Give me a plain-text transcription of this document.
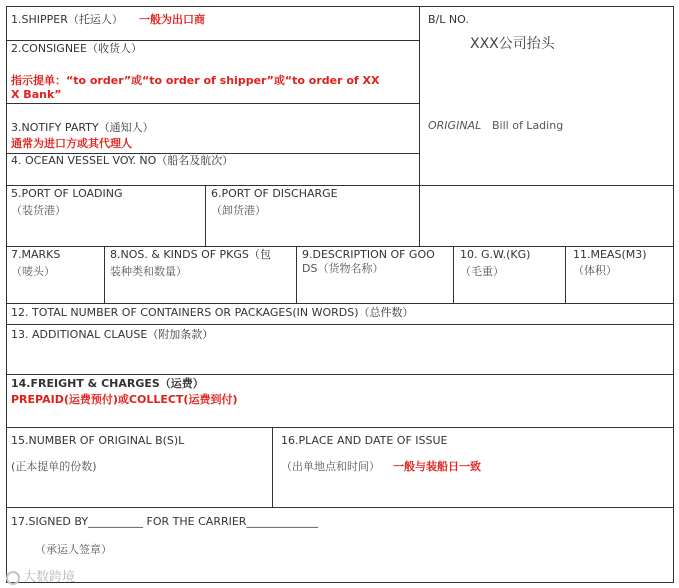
1.SHIPPER（托运人） 一般为出口商	B/L NO.
XXX公司抬头
ORIGINAL Bill of Lading
2.CONSIGNEE（收货人）
指示提单：“to order”或“to order of shipper”或“to order of XX
X Bank”
3.NOTIFY PARTY（通知人）
通常为进口方或其代理人
4. OCEAN VESSEL VOY. NO（船名及航次）
5.PORT OF LOADING
（装货港）
6.PORT OF DISCHARGE
（卸货港）
7.MARKS
（唛头）
8.NOS. & KINDS OF PKGS（包
装种类和数量）
9.DESCRIPTION OF GOO
DS（货物名称）
10. G.W.(KG)
（毛重）
11.MEAS(M3)
（体积）
12. TOTAL NUMBER OF CONTAINERS OR PACKAGES(IN WORDS)（总件数）
13. ADDITIONAL CLAUSE（附加条款）
14.FREIGHT & CHARGES（运费）
PREPAID(运费预付)或COLLECT(运费到付)
15.NUMBER OF ORIGINAL B(S)L
(正本提单的份数)
16.PLACE AND DATE OF ISSUE
（出单地点和时间） 一般与装船日一致
17.SIGNED BY__________ FOR THE CARRIER_____________
（承运人签章）
大数跨境
